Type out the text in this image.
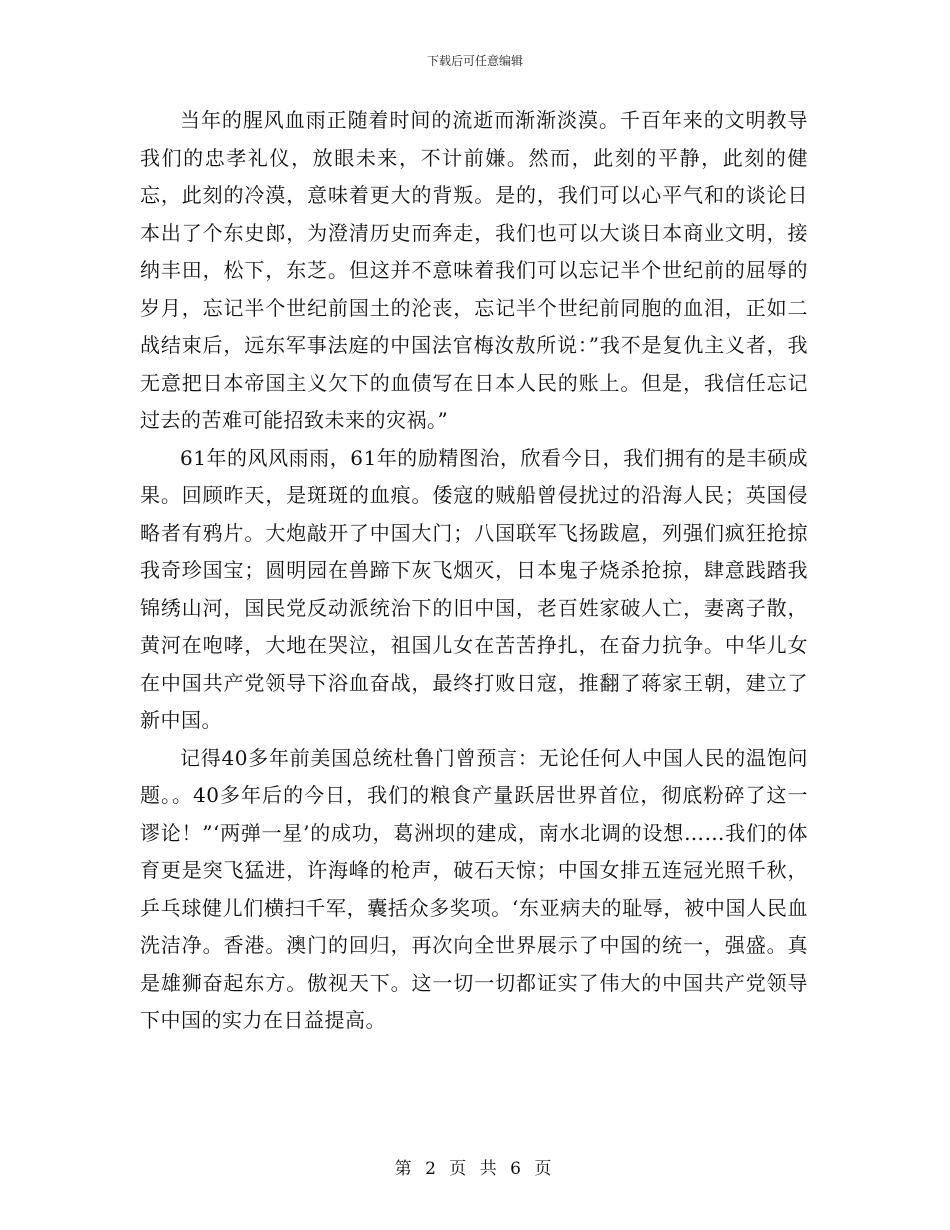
下载后可任意编辑

当年的腥风血雨正随着时间的流逝而渐渐淡漠。千百年来的文明教导我们的忠孝礼仪，放眼未来，不计前嫌。然而，此刻的平静，此刻的健忘，此刻的冷漠，意味着更大的背叛。是的，我们可以心平气和的谈论日本出了个东史郎，为澄清历史而奔走，我们也可以大谈日本商业文明，接纳丰田，松下，东芝。但这并不意味着我们可以忘记半个世纪前的屈辱的岁月，忘记半个世纪前国土的沦丧，忘记半个世纪前同胞的血泪，正如二战结束后，远东军事法庭的中国法官梅汝敖所说：”我不是复仇主义者，我无意把日本帝国主义欠下的血债写在日本人民的账上。但是，我信任忘记过去的苦难可能招致未来的灾祸。”

61年的风风雨雨，61年的励精图治，欣看今日，我们拥有的是丰硕成果。回顾昨天，是斑斑的血痕。倭寇的贼船曾侵扰过的沿海人民；英国侵略者有鸦片。大炮敲开了中国大门；八国联军飞扬跋扈，列强们疯狂抢掠我奇珍国宝；圆明园在兽蹄下灰飞烟灭，日本鬼子烧杀抢掠，肆意践踏我锦绣山河，国民党反动派统治下的旧中国，老百姓家破人亡，妻离子散，黄河在咆哮，大地在哭泣，祖国儿女在苦苦挣扎，在奋力抗争。中华儿女在中国共产党领导下浴血奋战，最终打败日寇，推翻了蒋家王朝，建立了新中国。

记得40多年前美国总统杜鲁门曾预言：无论任何人中国人民的温饱问题。。40多年后的今日，我们的粮食产量跃居世界首位，彻底粉碎了这一谬论！”‘两弹一星’的成功，葛洲坝的建成，南水北调的设想……我们的体育更是突飞猛进，许海峰的枪声，破石天惊；中国女排五连冠光照千秋，乒乓球健儿们横扫千军，囊括众多奖项。‘东亚病夫的耻辱，被中国人民血洗洁净。香港。澳门的回归，再次向全世界展示了中国的统一，强盛。真是雄狮奋起东方。傲视天下。这一切一切都证实了伟大的中国共产党领导下中国的实力在日益提高。

第 2 页 共 6 页
